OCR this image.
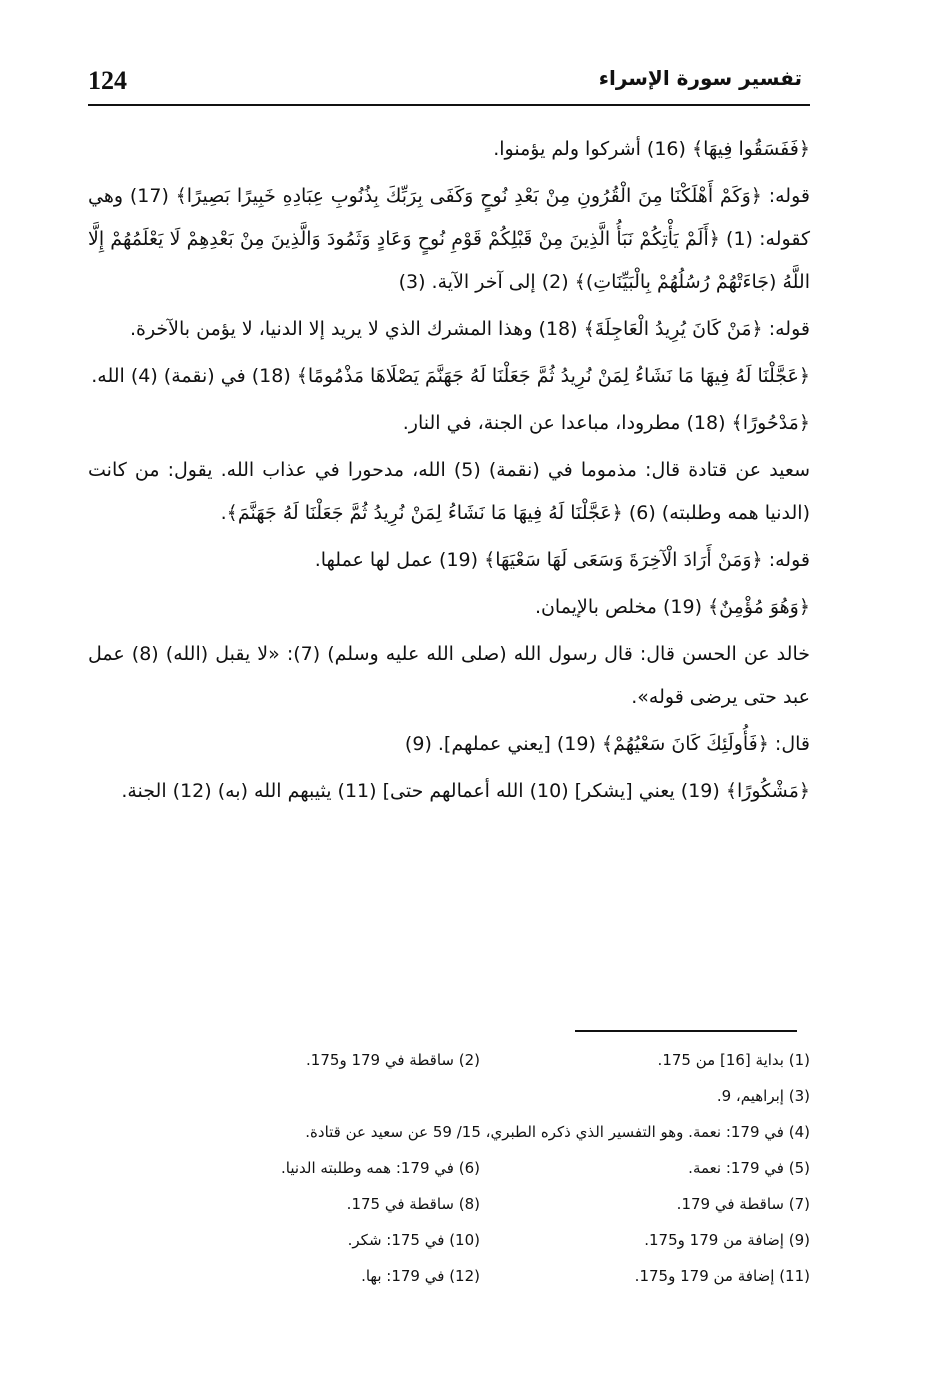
124	تفسير سورة الإسراء

﴿فَفَسَقُوا فِيهَا﴾ (16) أشركوا ولم يؤمنوا.

قوله: ﴿وَكَمْ أَهْلَكْنَا مِنَ الْقُرُونِ مِنْ بَعْدِ نُوحٍ وَكَفَى بِرَبِّكَ بِذُنُوبِ عِبَادِهِ خَبِيرًا بَصِيرًا﴾ (17) وهي كقوله: (1) ﴿أَلَمْ يَأْتِكُمْ نَبَأُ الَّذِينَ مِنْ قَبْلِكُمْ قَوْمِ نُوحٍ وَعَادٍ وَثَمُودَ وَالَّذِينَ مِنْ بَعْدِهِمْ لَا يَعْلَمُهُمْ إِلَّا اللَّهُ (جَاءَتْهُمْ رُسُلُهُمْ بِالْبَيِّنَاتِ)﴾ (2) إلى آخر الآية. (3)

قوله: ﴿مَنْ كَانَ يُرِيدُ الْعَاجِلَةَ﴾ (18) وهذا المشرك الذي لا يريد إلا الدنيا، لا يؤمن بالآخرة.

﴿عَجَّلْنَا لَهُ فِيهَا مَا نَشَاءُ لِمَنْ نُرِيدُ ثُمَّ جَعَلْنَا لَهُ جَهَنَّمَ يَصْلَاهَا مَذْمُومًا﴾ (18) في (نقمة) (4) الله.

﴿مَدْحُورًا﴾ (18) مطرودا، مباعدا عن الجنة، في النار.

سعيد عن قتادة قال: مذموما في (نقمة) (5) الله، مدحورا في عذاب الله. يقول: من كانت (الدنيا همه وطلبته) (6) ﴿عَجَّلْنَا لَهُ فِيهَا مَا نَشَاءُ لِمَنْ نُرِيدُ ثُمَّ جَعَلْنَا لَهُ جَهَنَّمَ﴾.

قوله: ﴿وَمَنْ أَرَادَ الْآخِرَةَ وَسَعَى لَهَا سَعْيَهَا﴾ (19) عمل لها عملها.

﴿وَهُوَ مُؤْمِنٌ﴾ (19) مخلص بالإيمان.

خالد عن الحسن قال: قال رسول الله (صلى الله عليه وسلم) (7): «لا يقبل (الله) (8) عمل عبد حتى يرضى قوله».

قال: ﴿فَأُولَئِكَ كَانَ سَعْيُهُمْ﴾ (19) [يعني عملهم]. (9)

﴿مَشْكُورًا﴾ (19) يعني [يشكر] (10) الله أعمالهم حتى] (11) يثيبهم الله (به) (12) الجنة.

(1) بداية [16] من 175.
(2) ساقطة في 179 و175.
(3) إبراهيم، 9.
(4) في 179: نعمة. وهو التفسير الذي ذكره الطبري، 15/ 59 عن سعيد عن قتادة.
(5) في 179: نعمة.
(6) في 179: همه وطلبته الدنيا.
(7) ساقطة في 179.
(8) ساقطة في 175.
(9) إضافة من 179 و175.
(10) في 175: شكر.
(11) إضافة من 179 و175.
(12) في 179: بها.
